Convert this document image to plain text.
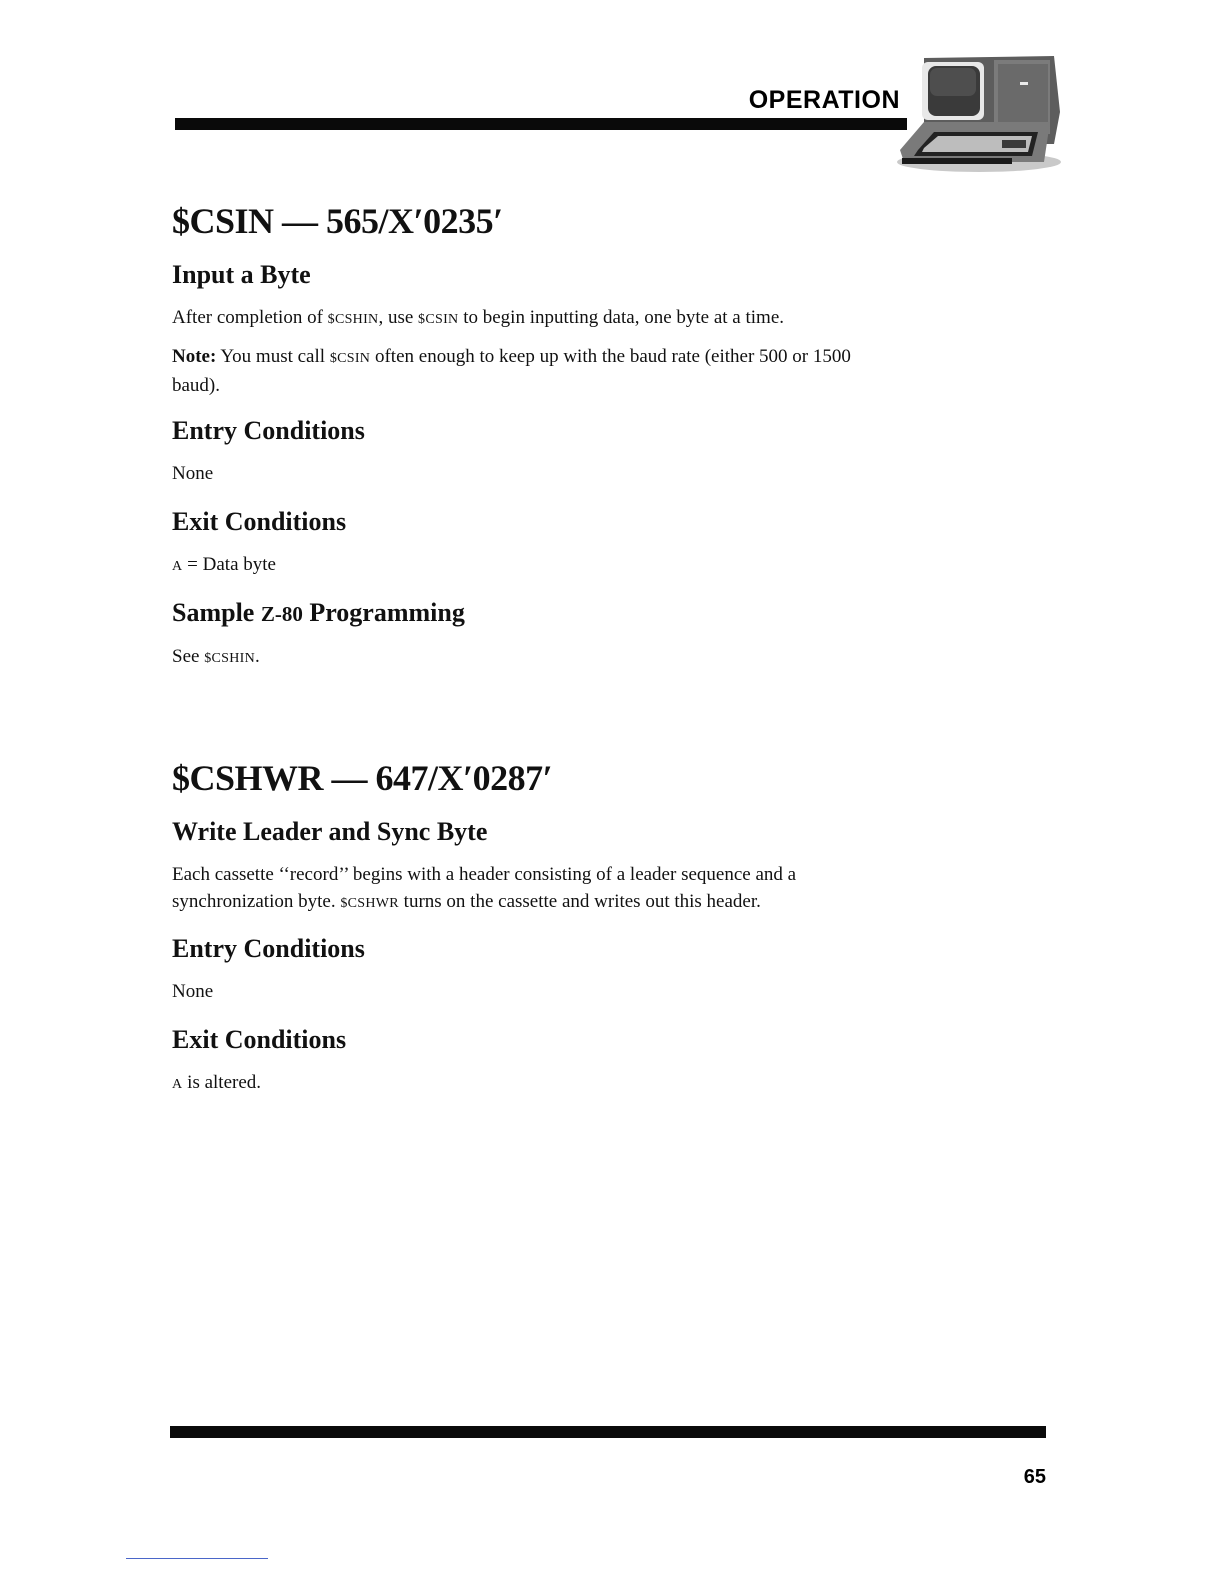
OPERATION
$CSIN — 565/X′0235′
Input a Byte
After completion of $CSHIN, use $CSIN to begin inputting data, one byte at a time.
Note: You must call $CSIN often enough to keep up with the baud rate (either 500 or 1500 baud).
Entry Conditions
None
Exit Conditions
A = Data byte
Sample Z-80 Programming
See $CSHIN.
$CSHWR — 647/X′0287′
Write Leader and Sync Byte
Each cassette ‘‘record’’ begins with a header consisting of a leader sequence and a synchronization byte. $CSHWR turns on the cassette and writes out this header.
Entry Conditions
None
Exit Conditions
A is altered.
65
